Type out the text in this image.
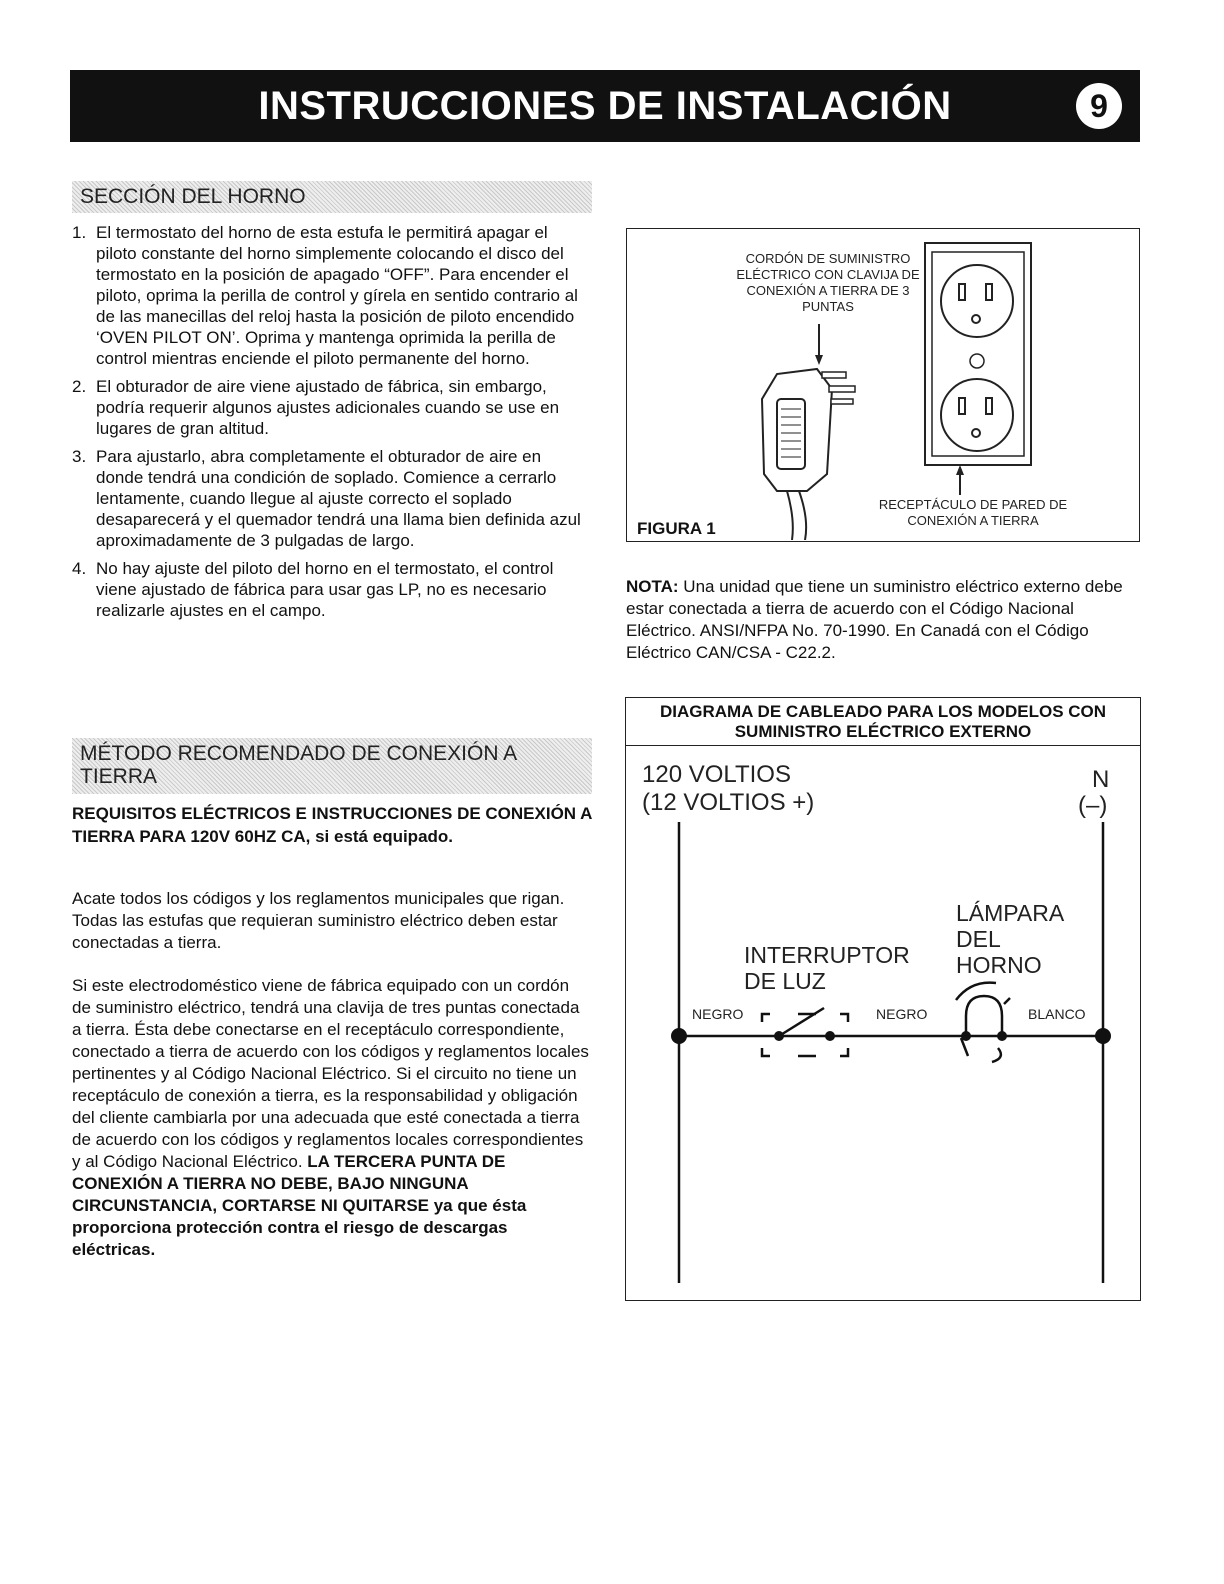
INSTRUCCIONES DE INSTALACIÓN	9
SECCIÓN DEL HORNO
1. El termostato del horno de esta estufa le permitirá apagar el piloto constante del horno simplemente colocando el disco del termostato en la posición de apagado “OFF”. Para encender el piloto, oprima la perilla de control y gírela en sentido contrario al de las manecillas del reloj hasta la posición de piloto encendido ‘OVEN PILOT ON’. Oprima y mantenga oprimida la perilla de control mientras enciende el piloto permanente del horno.
2. El obturador de aire viene ajustado de fábrica, sin embargo, podría requerir algunos ajustes adicionales cuando se use en lugares de gran altitud.
3. Para ajustarlo, abra completamente el obturador de aire en donde tendrá una condición de soplado. Comience a cerrarlo lentamente, cuando llegue al ajuste correcto el soplado desaparecerá y el quemador tendrá una llama bien definida azul aproximadamente de 3 pulgadas de largo.
4. No hay ajuste del piloto del horno en el termostato, el control viene ajustado de fábrica para usar gas LP, no es necesario realizarle ajustes en el campo.
MÉTODO RECOMENDADO DE CONEXIÓN A TIERRA

REQUISITOS ELÉCTRICOS E INSTRUCCIONES DE CONEXIÓN A TIERRA PARA 120V 60HZ CA, si está equipado.

Acate todos los códigos y los reglamentos municipales que rigan. Todas las estufas que requieran suministro eléctrico deben estar conectadas a tierra.

Si este electrodoméstico viene de fábrica equipado con un cordón de suministro eléctrico, tendrá una clavija de tres puntas conectada a tierra. Ésta debe conectarse en el receptáculo correspondiente, conectado a tierra de acuerdo con los códigos y reglamentos locales pertinentes y al Código Nacional Eléctrico. Si el circuito no tiene un receptáculo de conexión a tierra, es la responsabilidad y obligación del cliente cambiarla por una adecuada que esté conectada a tierra de acuerdo con los códigos y reglamentos locales correspondientes y al Código Nacional Eléctrico. LA TERCERA PUNTA DE CONEXIÓN A TIERRA NO DEBE, BAJO NINGUNA CIRCUNSTANCIA, CORTARSE NI QUITARSE ya que ésta proporciona protección contra el riesgo de descargas eléctricas.

CORDÓN DE SUMINISTRO ELÉCTRICO CON CLAVIJA DE CONEXIÓN A TIERRA DE 3 PUNTAS
RECEPTÁCULO DE PARED DE CONEXIÓN A TIERRA
FIGURA 1

NOTA: Una unidad que tiene un suministro eléctrico externo debe estar conectada a tierra de acuerdo con el Código Nacional Eléctrico. ANSI/NFPA No. 70-1990. En Canadá con el Código Eléctrico CAN/CSA - C22.2.

DIAGRAMA DE CABLEADO PARA LOS MODELOS CON SUMINISTRO ELÉCTRICO EXTERNO
120 VOLTIOS
(12 VOLTIOS +)
N
(–)
LÁMPARA DEL HORNO
INTERRUPTOR DE LUZ
NEGRO	NEGRO	BLANCO
